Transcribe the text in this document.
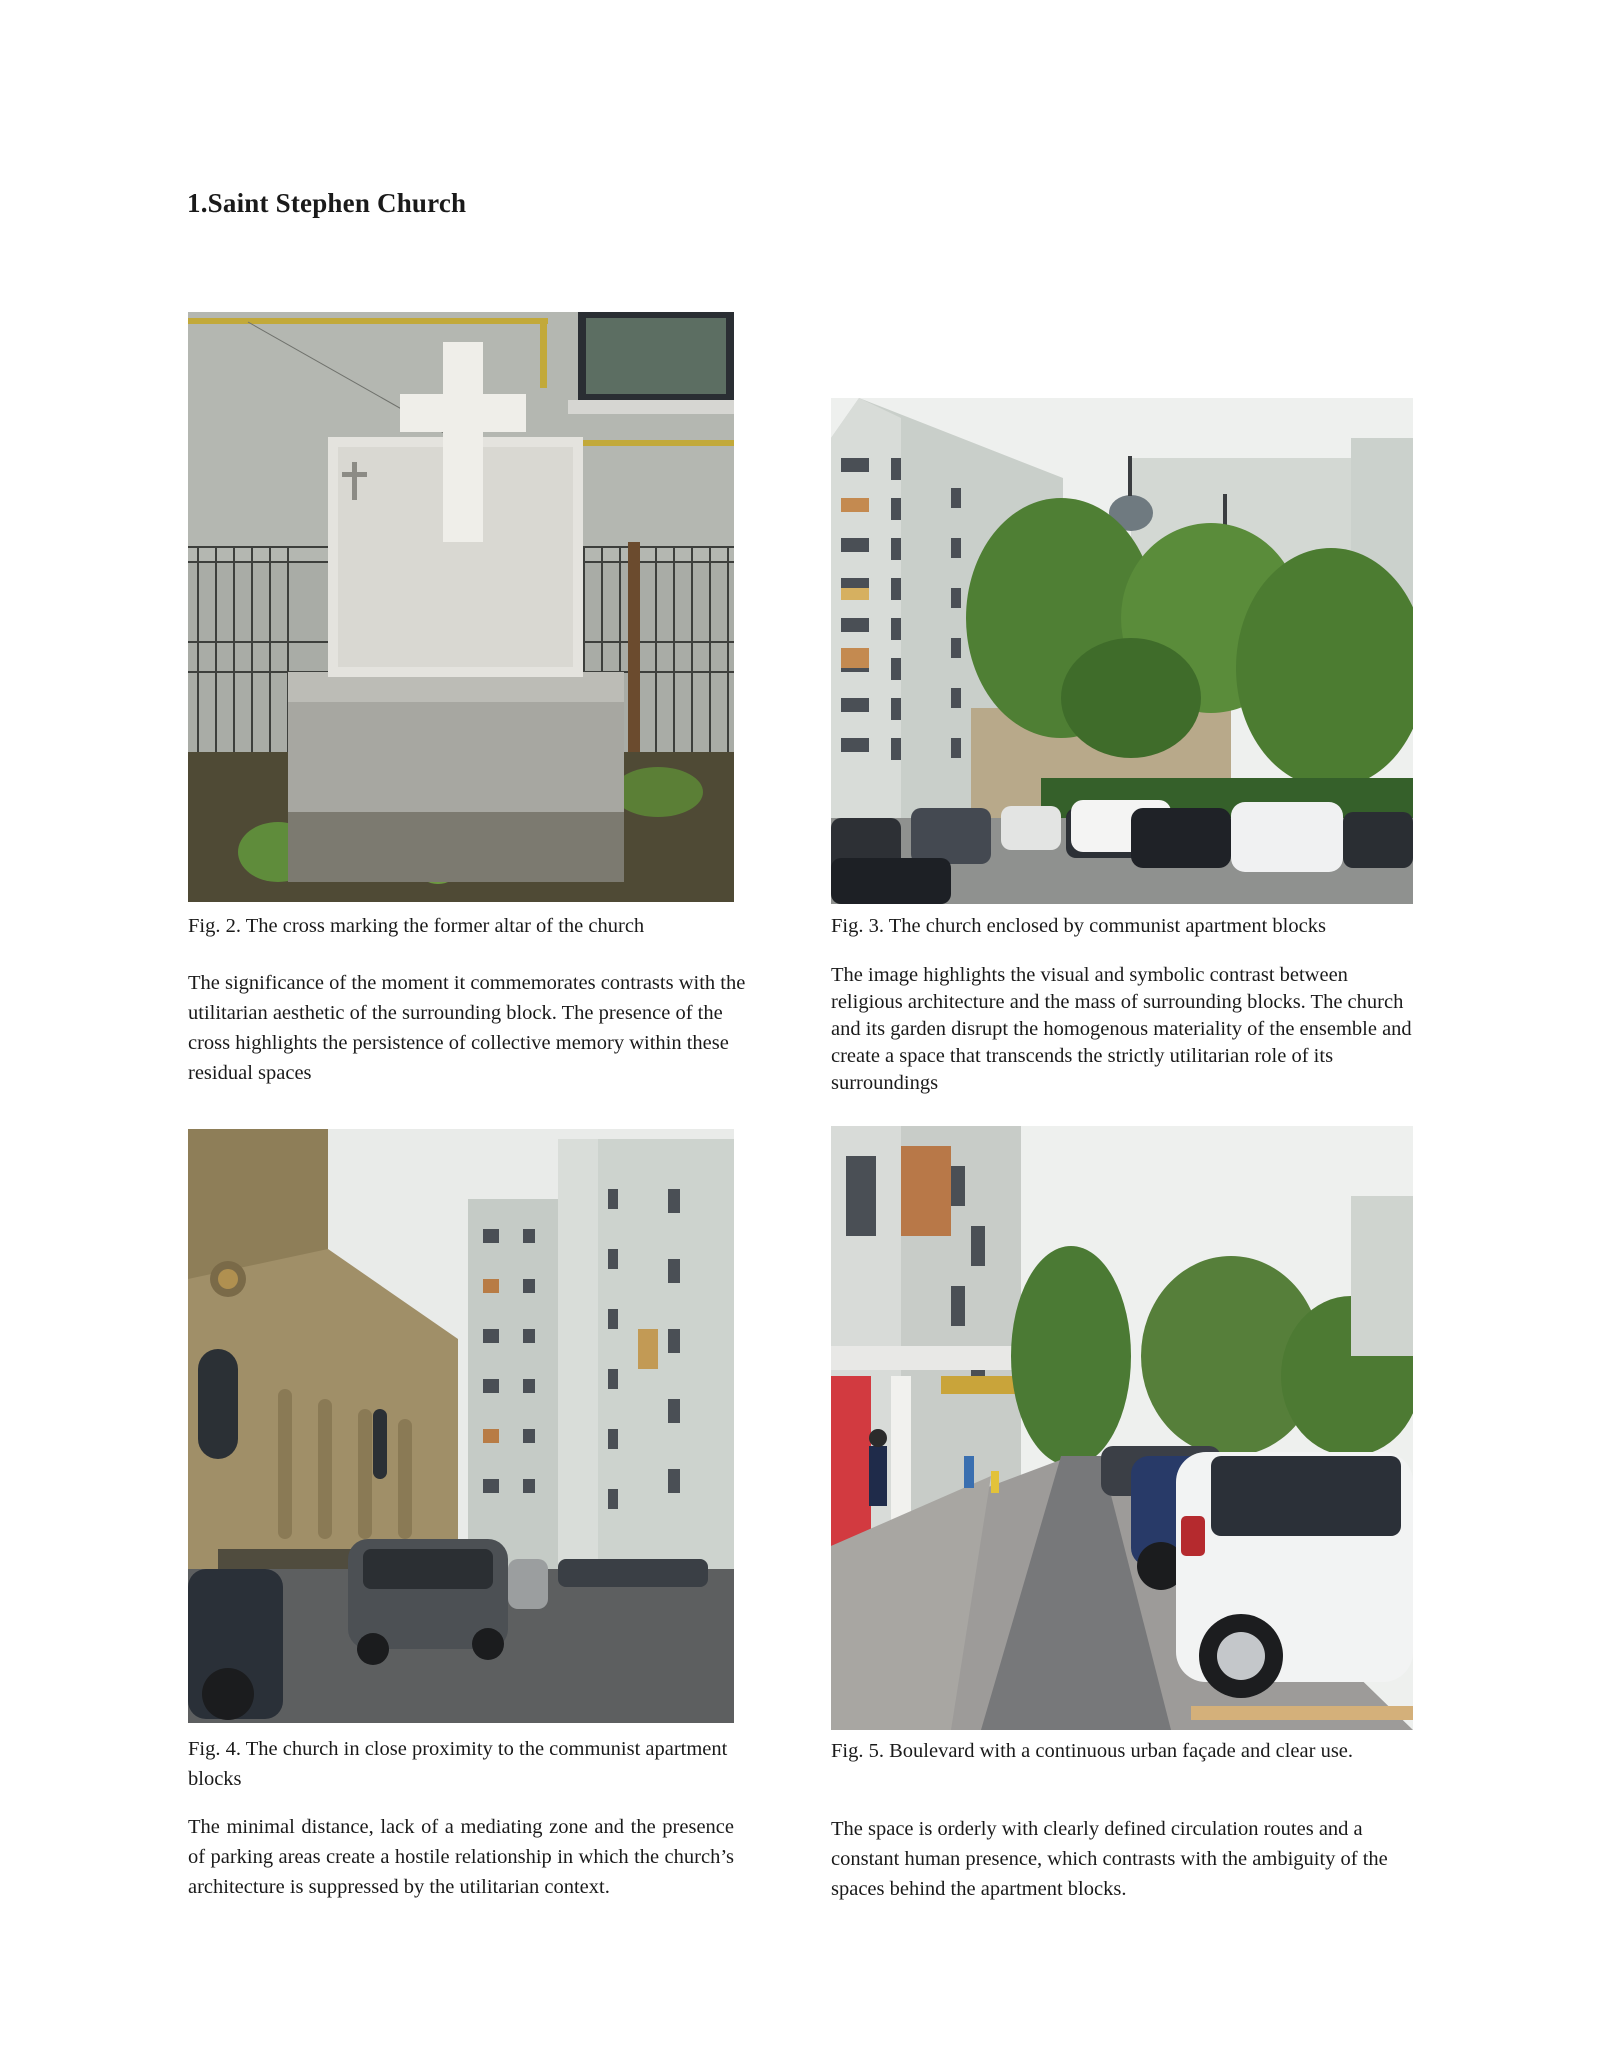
1.Saint Stephen Church
Fig. 2. The cross marking the former altar of the church
The significance of the moment it commemorates contrasts with the utilitarian aesthetic of the surrounding block. The presence of the cross highlights the persistence of collective memory within these residual spaces
Fig. 3. The church enclosed by communist apartment blocks
The image highlights the visual and symbolic contrast between religious architecture and the mass of surrounding blocks. The church and its garden disrupt the homogenous materiality of the ensemble and create a space that transcends the strictly utilitarian role of its surroundings
Fig. 4. The church in close proximity to the communist apartment blocks
The minimal distance, lack of a mediating zone and the presence of parking areas create a hostile relationship in which the church’s architecture is suppressed by the utilitarian context.
Fig. 5. Boulevard with a continuous urban façade and clear use.
The space is orderly with clearly defined circulation routes and a constant human presence, which contrasts with the ambiguity of the spaces behind the apartment blocks.
